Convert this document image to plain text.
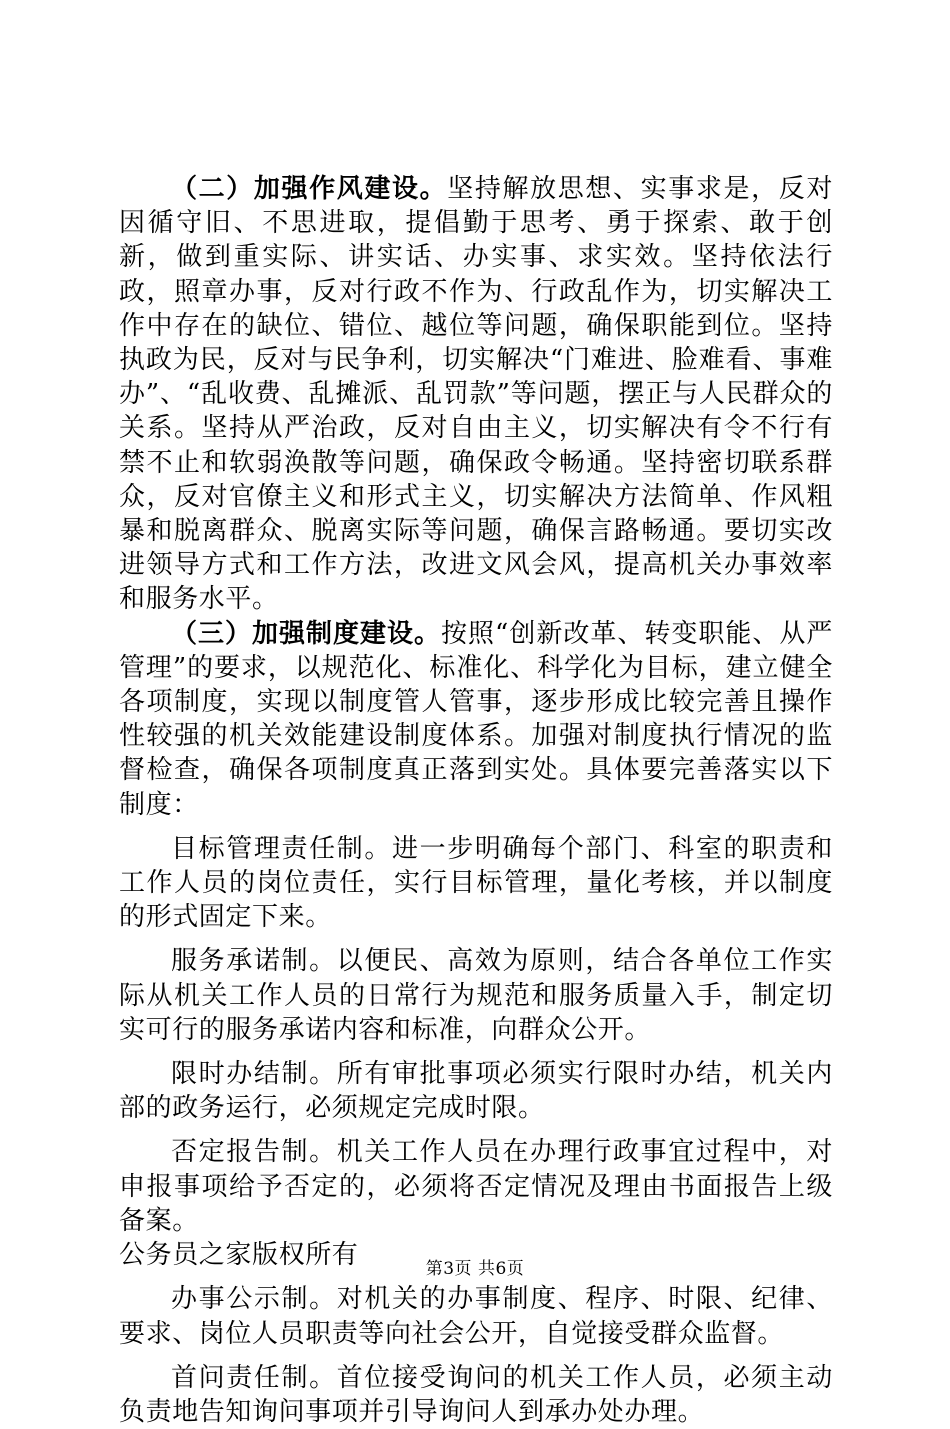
（二）加强作风建设。坚持解放思想、实事求是，反对因循守旧、不思进取，提倡勤于思考、勇于探索、敢于创新，做到重实际、讲实话、办实事、求实效。坚持依法行政，照章办事，反对行政不作为、行政乱作为，切实解决工作中存在的缺位、错位、越位等问题，确保职能到位。坚持执政为民，反对与民争利，切实解决“门难进、脸难看、事难办”、“乱收费、乱摊派、乱罚款”等问题，摆正与人民群众的关系。坚持从严治政，反对自由主义，切实解决有令不行有禁不止和软弱涣散等问题，确保政令畅通。坚持密切联系群众，反对官僚主义和形式主义，切实解决方法简单、作风粗暴和脱离群众、脱离实际等问题，确保言路畅通。要切实改进领导方式和工作方法，改进文风会风，提高机关办事效率和服务水平。

（三）加强制度建设。按照“创新改革、转变职能、从严管理”的要求，以规范化、标准化、科学化为目标，建立健全各项制度，实现以制度管人管事，逐步形成比较完善且操作性较强的机关效能建设制度体系。加强对制度执行情况的监督检查，确保各项制度真正落到实处。具体要完善落实以下制度：

目标管理责任制。进一步明确每个部门、科室的职责和工作人员的岗位责任，实行目标管理，量化考核，并以制度的形式固定下来。

服务承诺制。以便民、高效为原则，结合各单位工作实际从机关工作人员的日常行为规范和服务质量入手，制定切实可行的服务承诺内容和标准，向群众公开。

限时办结制。所有审批事项必须实行限时办结，机关内部的政务运行，必须规定完成时限。

否定报告制。机关工作人员在办理行政事宜过程中，对申报事项给予否定的，必须将否定情况及理由书面报告上级备案。

公务员之家版权所有

办事公示制。对机关的办事制度、程序、时限、纪律、要求、岗位人员职责等向社会公开，自觉接受群众监督。

首问责任制。首位接受询问的机关工作人员，必须主动负责地告知询问事项并引导询问人到承办处办理。

第3页 共6页
